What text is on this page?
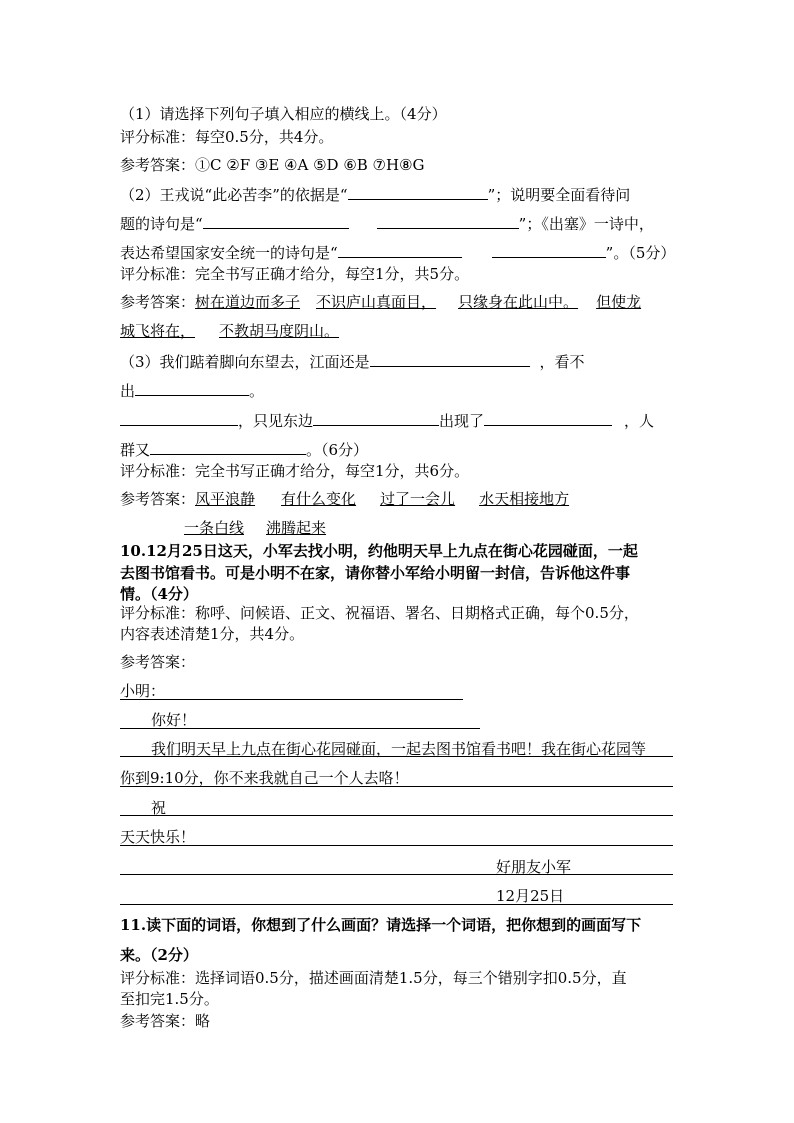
（1）请选择下列句子填入相应的横线上。（4分）
评分标准：每空0.5分，共4分。
参考答案：①C ②F ③E ④A ⑤D ⑥B ⑦H⑧G
（2）王戎说“此必苦李”的依据是“	”；说明要全面看待问
题的诗句是“	”；《出塞》一诗中，
表达希望国家安全统一的诗句是“	”。（5分）
评分标准：完全书写正确才给分，每空1分，共5分。
参考答案：树在道边而多子 不识庐山真面目， 只缘身在此山中。 但使龙
城飞将在， 不教胡马度阴山。
（3）我们踮着脚向东望去，江面还是	，看不
出	。
，只见东边	出现了	，人
群又	。（6分）
评分标准：完全书写正确才给分，每空1分，共6分。
参考答案：风平浪静 有什么变化 过了一会儿 水天相接地方
一条白线 沸腾起来
10.12月25日这天，小军去找小明，约他明天早上九点在街心花园碰面，一起
去图书馆看书。可是小明不在家，请你替小军给小明留一封信，告诉他这件事
情。（4分）
评分标准：称呼、问候语、正文、祝福语、署名、日期格式正确，每个0.5分，
内容表述清楚1分，共4分。
参考答案：
小明：
你好！
我们明天早上九点在街心花园碰面，一起去图书馆看书吧！我在街心花园等
你到9:10分，你不来我就自己一个人去咯！
祝
天天快乐！
好朋友小军
12月25日
11.读下面的词语，你想到了什么画面？请选择一个词语，把你想到的画面写下
来。（2分）
评分标准：选择词语0.5分，描述画面清楚1.5分，每三个错别字扣0.5分，直
至扣完1.5分。
参考答案：略
